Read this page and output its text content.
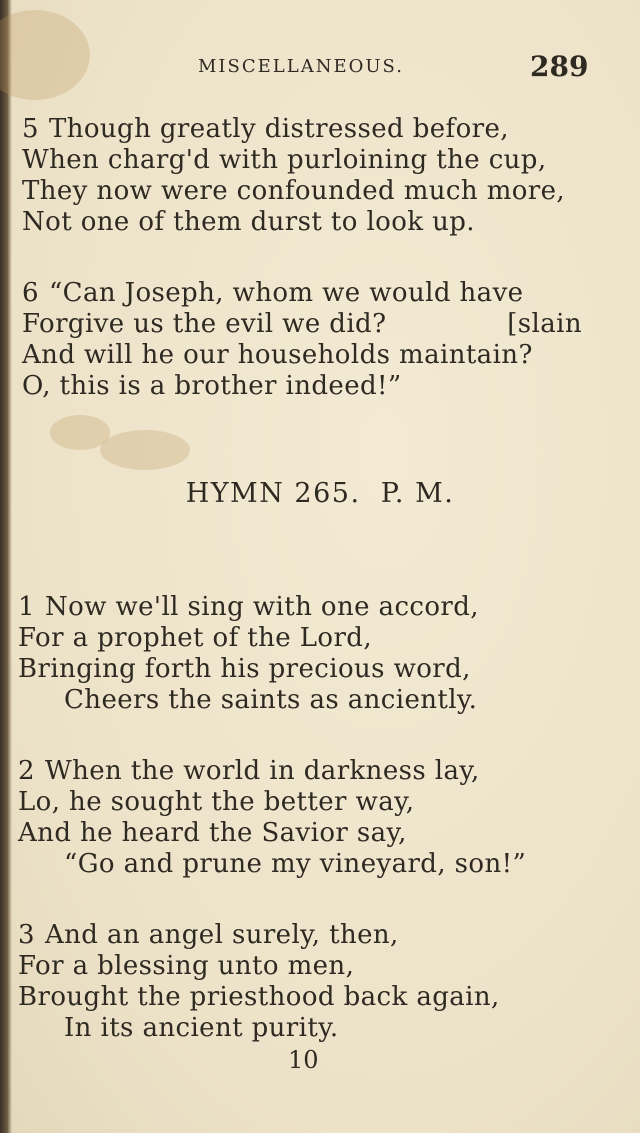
MISCELLANEOUS.	289
5 Though greatly distressed before,
When charg'd with purloining the cup,
They now were confounded much more,
Not one of them durst to look up.
6 “Can Joseph, whom we would have
Forgive us the evil we did?	[slain
And will he our households maintain?
O, this is a brother indeed!”
HYMN 265. P. M.
1 Now we'll sing with one accord,
For a prophet of the Lord,
Bringing forth his precious word,
Cheers the saints as anciently.
2 When the world in darkness lay,
Lo, he sought the better way,
And he heard the Savior say,
“Go and prune my vineyard, son!”
3 And an angel surely, then,
For a blessing unto men,
Brought the priesthood back again,
In its ancient purity.
10
